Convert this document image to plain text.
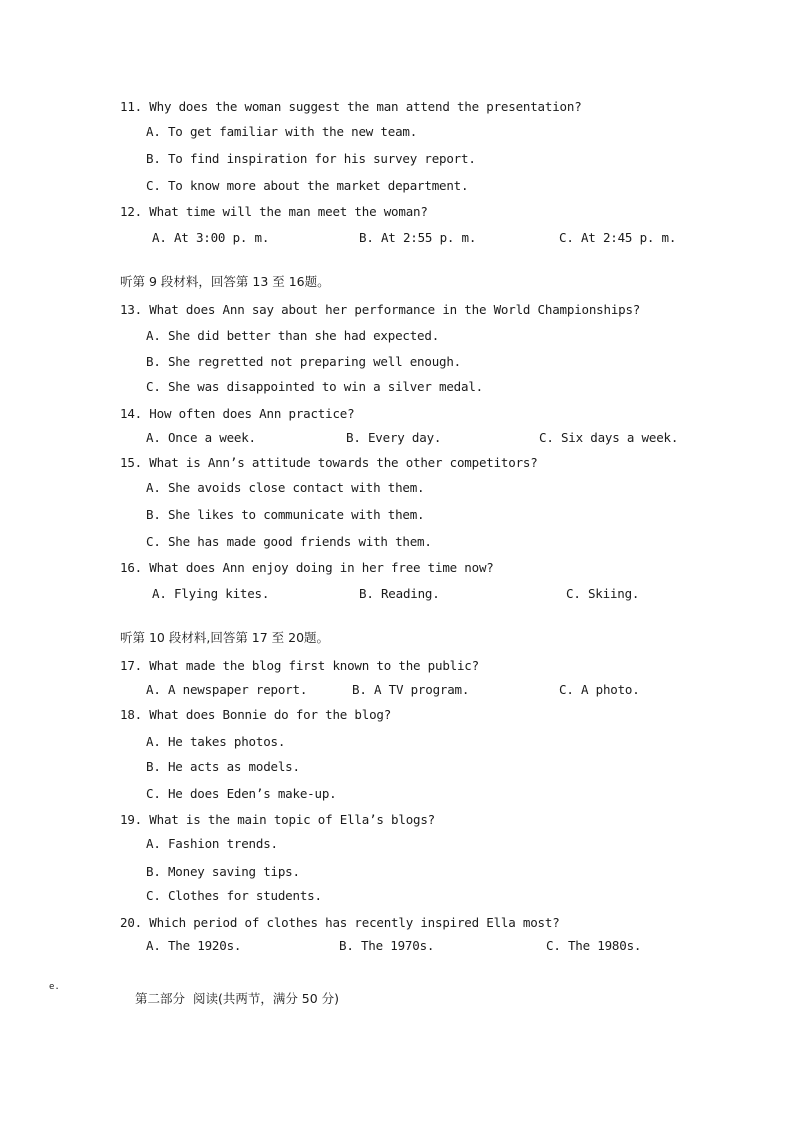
11. Why does the woman suggest the man attend the presentation?
A. To get familiar with the new team.
B. To find inspiration for his survey report.
C. To know more about the market department.
12. What time will the man meet the woman?
A. At 3:00 p. m.	B. At 2:55 p. m.	C. At 2:45 p. m.
听第 9 段材料，回答第 13 至 16题。
13. What does Ann say about her performance in the World Championships?
A. She did better than she had expected.
B. She regretted not preparing well enough.
C. She was disappointed to win a silver medal.
14. How often does Ann practice?
A. Once a week.	B. Every day.	C. Six days a week.
15. What is Ann’s attitude towards the other competitors?
A. She avoids close contact with them.
B. She likes to communicate with them.
C. She has made good friends with them.
16. What does Ann enjoy doing in her free time now?
A. Flying kites.	B. Reading.	C. Skiing.
听第 10 段材料,回答第 17 至 20题。
17. What made the blog first known to the public?
A. A newspaper report.	B. A TV program.	C. A photo.
18. What does Bonnie do for the blog?
A. He takes photos.
B. He acts as models.
C. He does Eden’s make-up.
19. What is the main topic of Ella’s blogs?
A. Fashion trends.
B. Money saving tips.
C. Clothes for students.
20. Which period of clothes has recently inspired Ella most?
A. The 1920s.	B. The 1970s.	C. The 1980s.
e.
第二部分  阅读(共两节，满分 50 分)
